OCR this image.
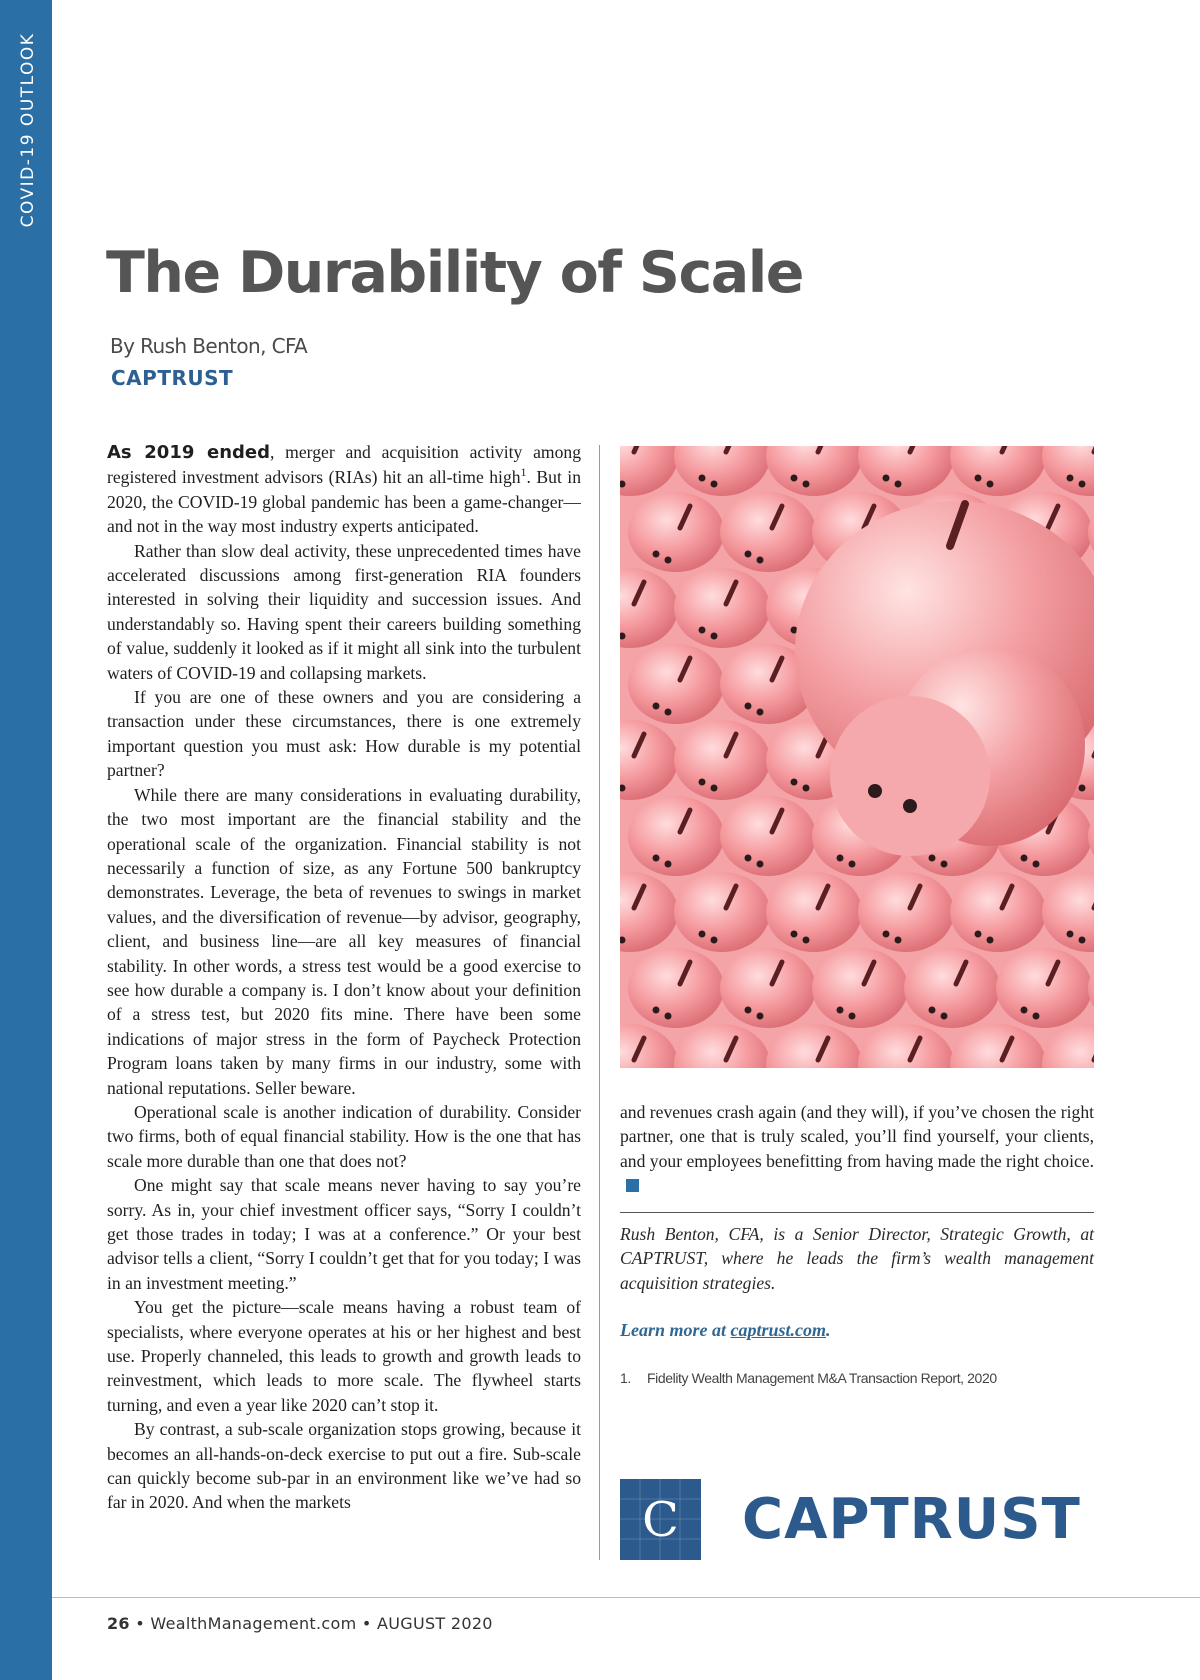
COVID-19 OUTLOOK
The Durability of Scale
By Rush Benton, CFA
CAPTRUST

As 2019 ended, merger and acquisition activity among registered investment advisors (RIAs) hit an all-time high$^1$. But in 2020, the COVID-19 global pandemic has been a game-changer—and not in the way most industry experts anticipated.

Rather than slow deal activity, these unprecedented times have accelerated discussions among first-generation RIA founders interested in solving their liquidity and succession issues. And understandably so. Having spent their careers building something of value, suddenly it looked as if it might all sink into the turbulent waters of COVID-19 and collapsing markets.

If you are one of these owners and you are considering a transaction under these circumstances, there is one extremely important question you must ask: How durable is my potential partner?

While there are many considerations in evaluating durability, the two most important are the financial stability and the operational scale of the organization. Financial stability is not necessarily a function of size, as any Fortune 500 bankruptcy demonstrates. Leverage, the beta of revenues to swings in market values, and the diversification of revenue—by advisor, geography, client, and business line—are all key measures of financial stability. In other words, a stress test would be a good exercise to see how durable a company is. I don’t know about your definition of a stress test, but 2020 fits mine. There have been some indications of major stress in the form of Paycheck Protection Program loans taken by many firms in our industry, some with national reputations. Seller beware.

Operational scale is another indication of durability. Consider two firms, both of equal financial stability. How is the one that has scale more durable than one that does not?

One might say that scale means never having to say you’re sorry. As in, your chief investment officer says, “Sorry I couldn’t get those trades in today; I was at a conference.” Or your best advisor tells a client, “Sorry I couldn’t get that for you today; I was in an investment meeting.”

You get the picture—scale means having a robust team of specialists, where everyone operates at his or her highest and best use. Properly channeled, this leads to growth and growth leads to reinvestment, which leads to more scale. The flywheel starts turning, and even a year like 2020 can’t stop it.

By contrast, a sub-scale organization stops growing, because it becomes an all-hands-on-deck exercise to put out a fire. Sub-scale can quickly become sub-par in an environment like we’ve had so far in 2020. And when the markets

and revenues crash again (and they will), if you’ve chosen the right partner, one that is truly scaled, you’ll find yourself, your clients, and your employees benefitting from having made the right choice.

Rush Benton, CFA, is a Senior Director, Strategic Growth, at CAPTRUST, where he leads the firm’s wealth management acquisition strategies.
Learn more at captrust.com.
1. Fidelity Wealth Management M&A Transaction Report, 2020
C CAPTRUST
26 • WealthManagement.com • AUGUST 2020
